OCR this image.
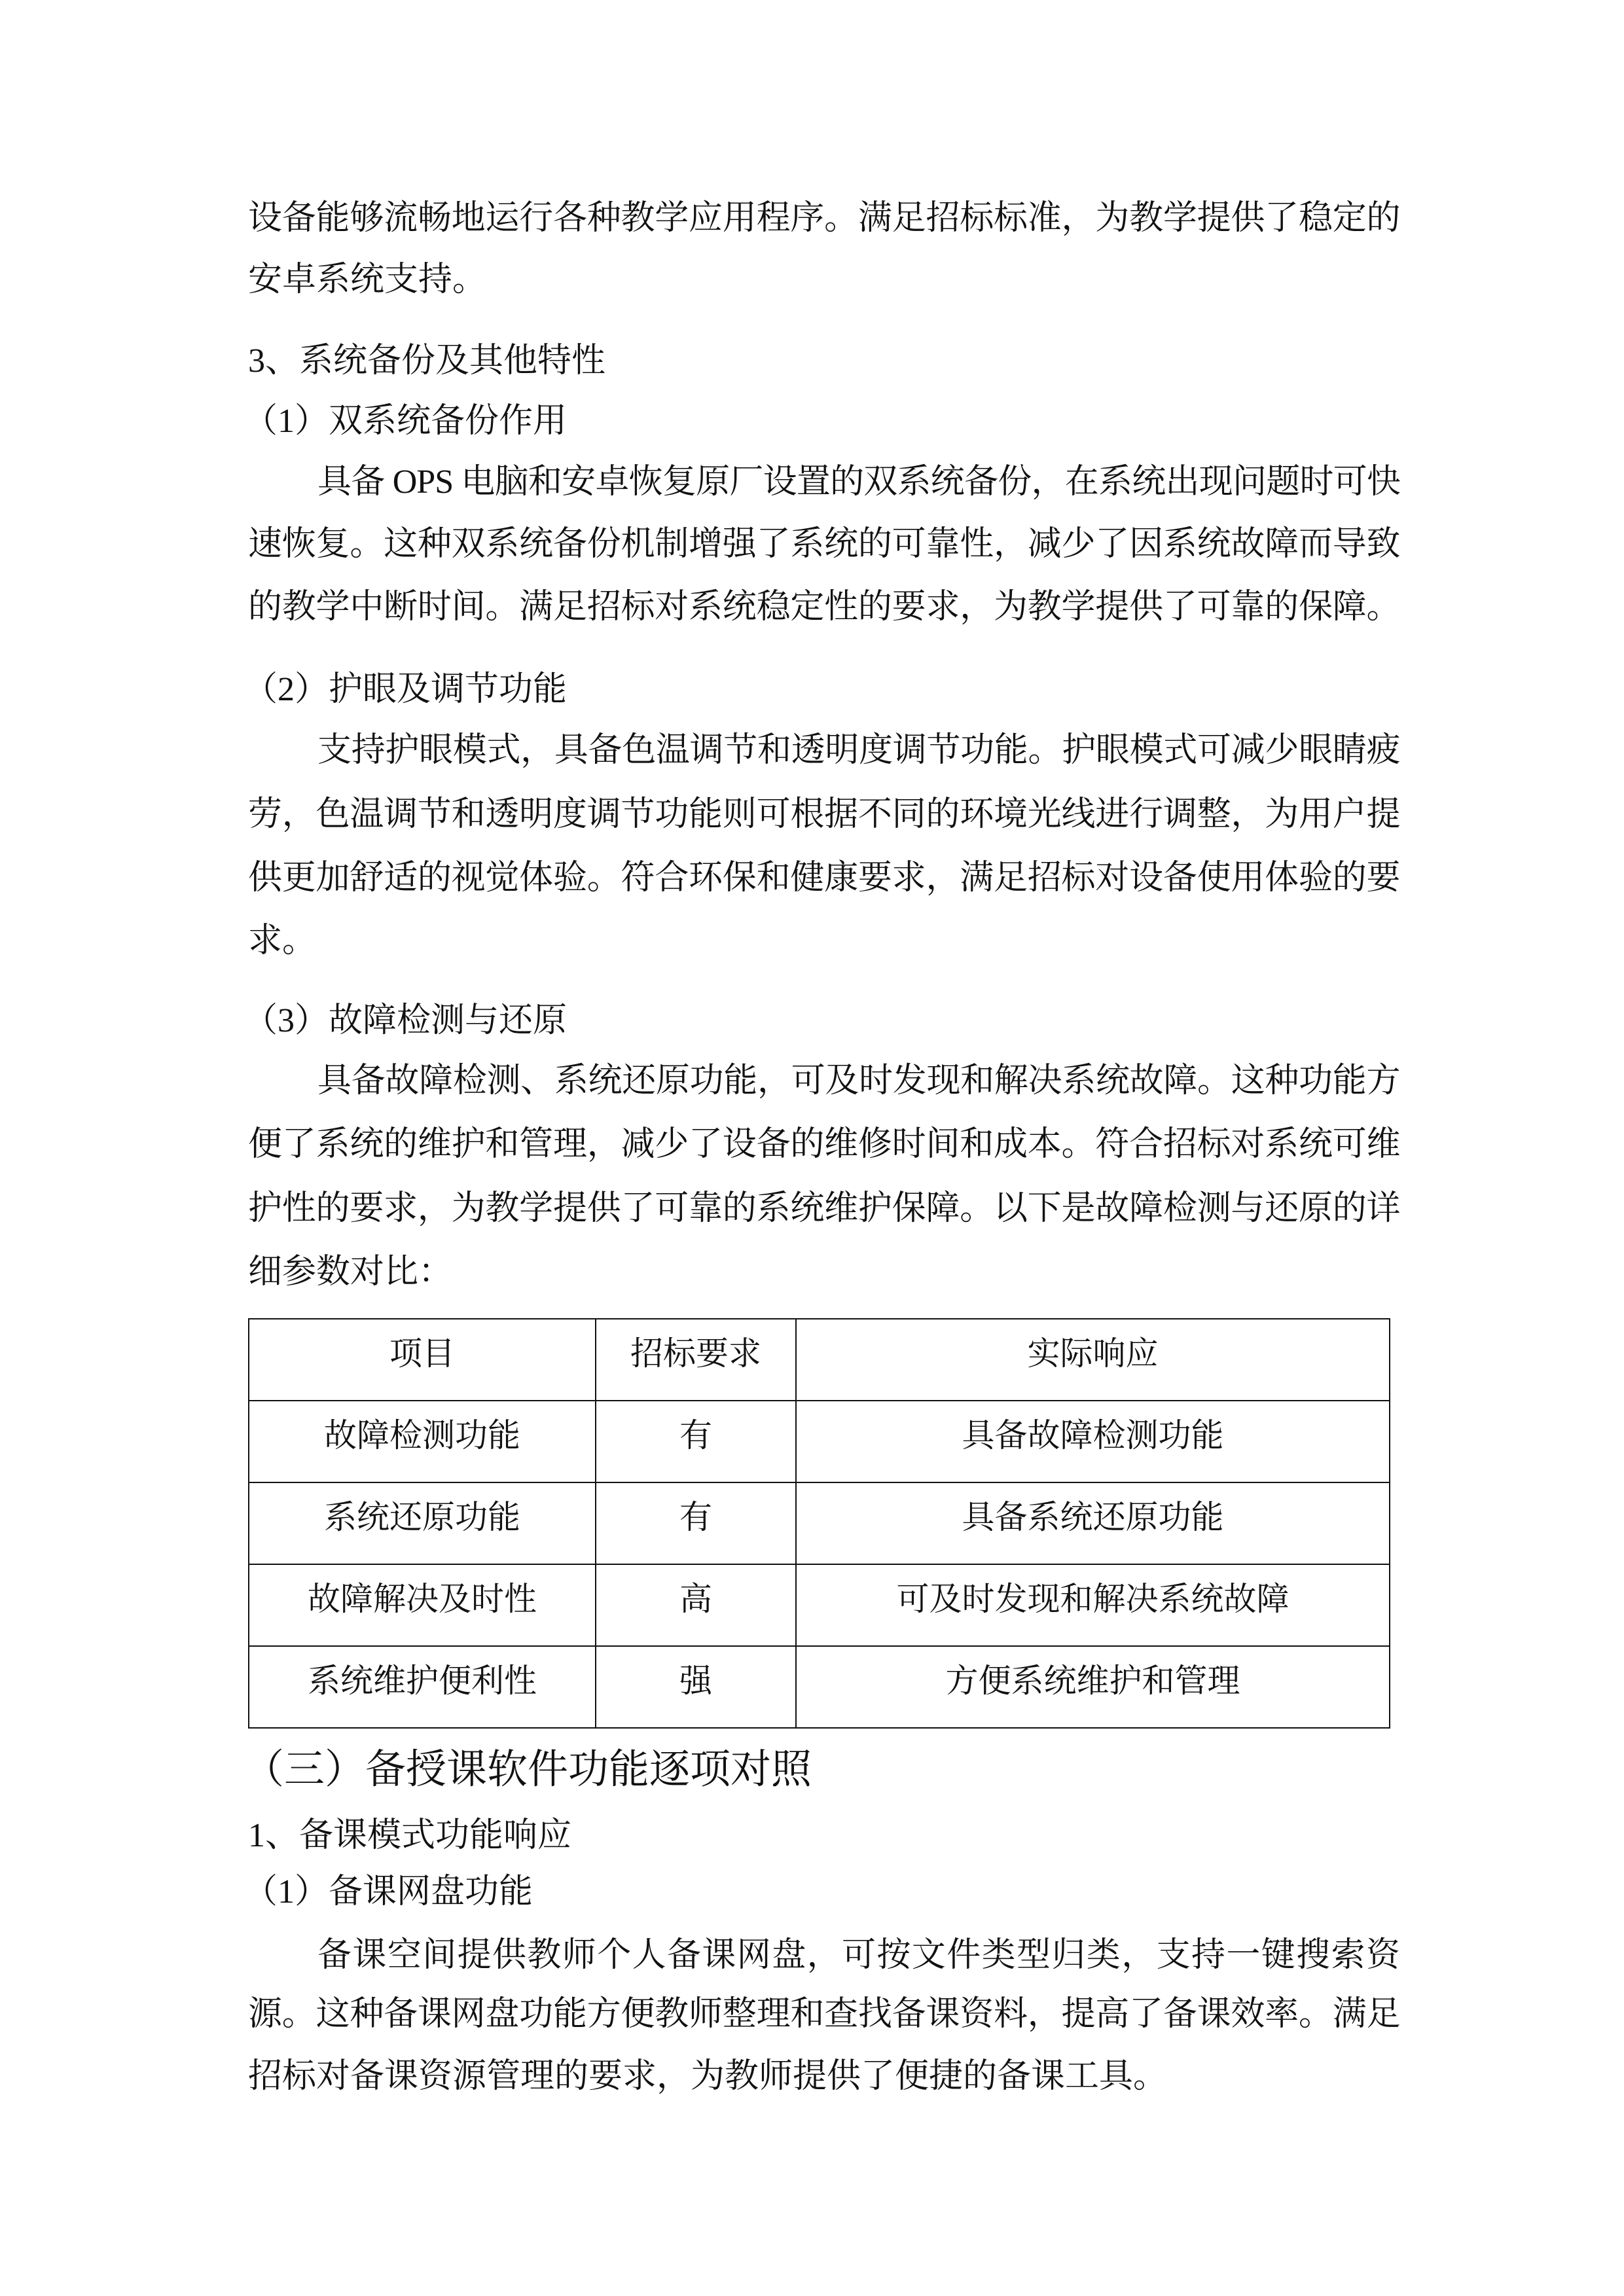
设备能够流畅地运行各种教学应用程序。满足招标标准，为教学提供了稳定的
安卓系统支持。
3、系统备份及其他特性
（1）双系统备份作用
具备 OPS 电脑和安卓恢复原厂设置的双系统备份，在系统出现问题时可快
速恢复。这种双系统备份机制增强了系统的可靠性，减少了因系统故障而导致
的教学中断时间。满足招标对系统稳定性的要求，为教学提供了可靠的保障。
（2）护眼及调节功能
支持护眼模式，具备色温调节和透明度调节功能。护眼模式可减少眼睛疲
劳，色温调节和透明度调节功能则可根据不同的环境光线进行调整，为用户提
供更加舒适的视觉体验。符合环保和健康要求，满足招标对设备使用体验的要
求。
（3）故障检测与还原
具备故障检测、系统还原功能，可及时发现和解决系统故障。这种功能方
便了系统的维护和管理，减少了设备的维修时间和成本。符合招标对系统可维
护性的要求，为教学提供了可靠的系统维护保障。以下是故障检测与还原的详
细参数对比：
项目	招标要求	实际响应
故障检测功能	有	具备故障检测功能
系统还原功能	有	具备系统还原功能
故障解决及时性	高	可及时发现和解决系统故障
系统维护便利性	强	方便系统维护和管理
（三）备授课软件功能逐项对照
1、备课模式功能响应
（1）备课网盘功能
备课空间提供教师个人备课网盘，可按文件类型归类，支持一键搜索资
源。这种备课网盘功能方便教师整理和查找备课资料，提高了备课效率。满足
招标对备课资源管理的要求，为教师提供了便捷的备课工具。
